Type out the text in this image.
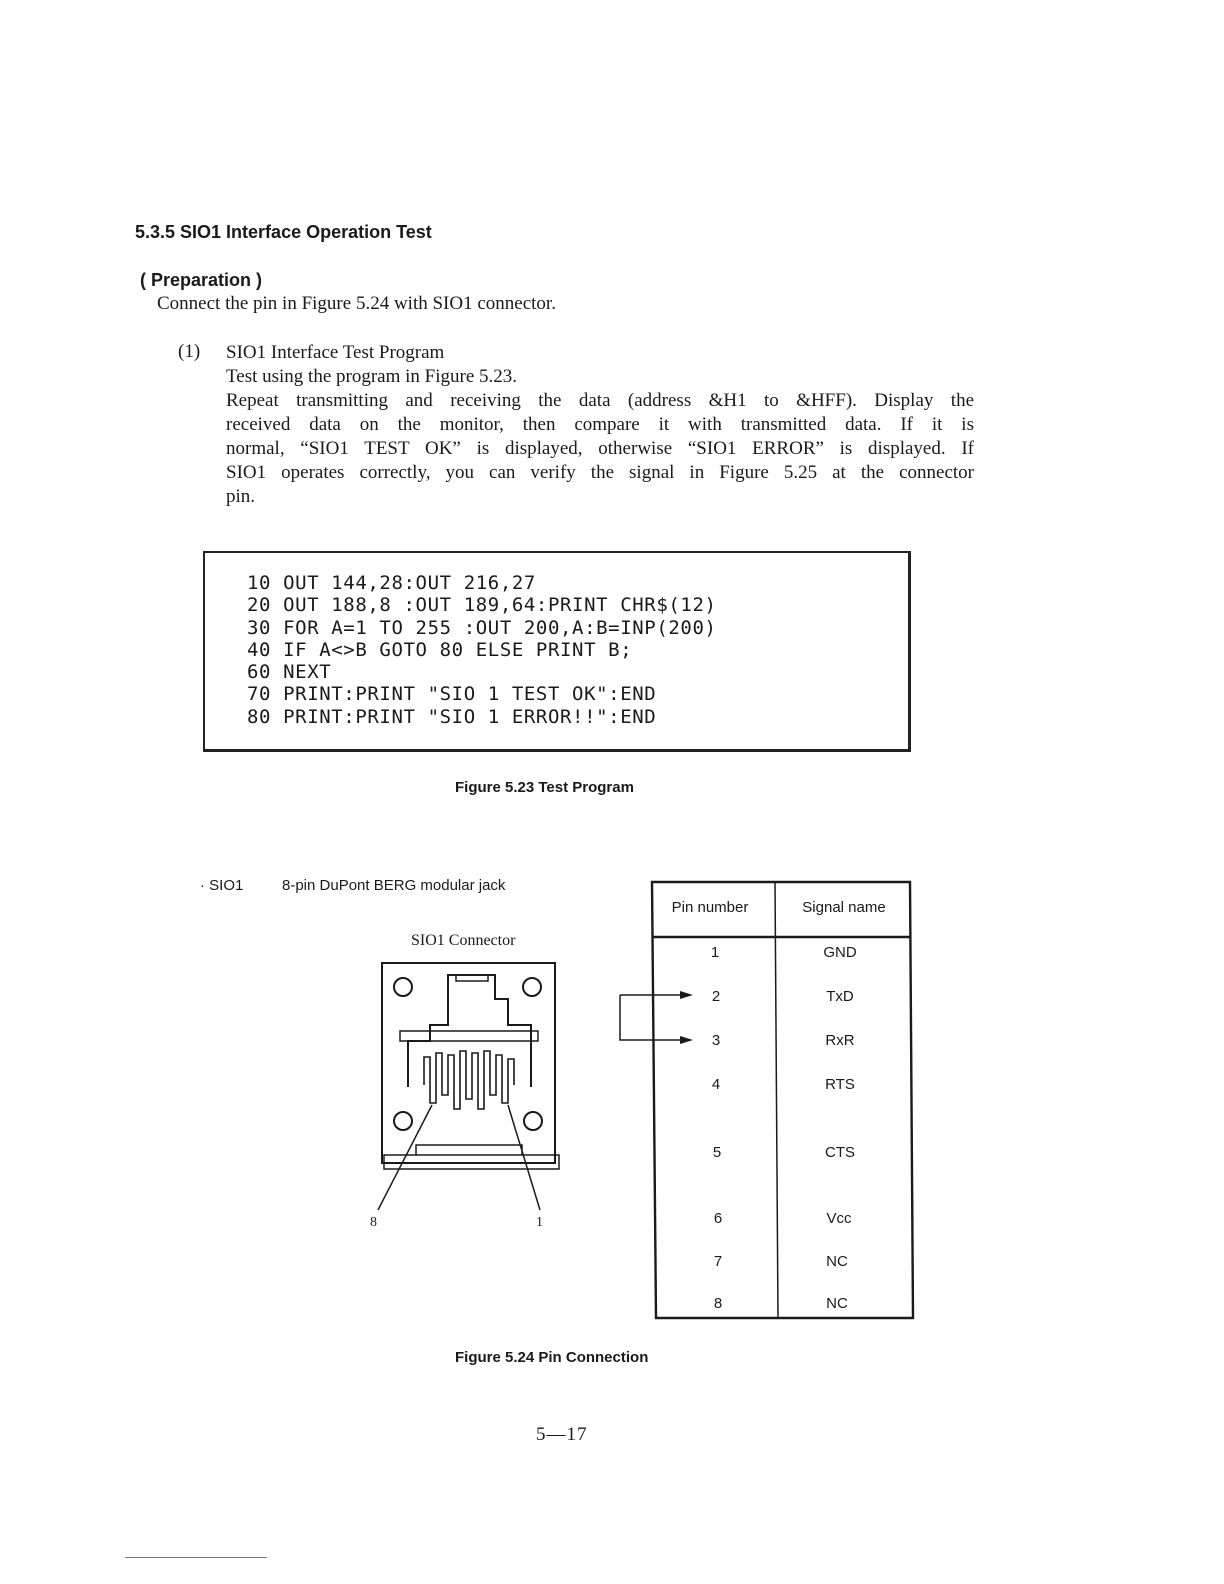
5.3.5 SIO1 Interface Operation Test
( Preparation )
Connect the pin in Figure 5.24 with SIO1 connector.
(1) SIO1 Interface Test Program
Test using the program in Figure 5.23.
Repeat transmitting and receiving the data (address &H1 to &HFF). Display the
received data on the monitor, then compare it with transmitted data. If it is
normal, “SIO1 TEST OK” is displayed, otherwise “SIO1 ERROR” is displayed. If
SIO1 operates correctly, you can verify the signal in Figure 5.25 at the connector
pin.
10 OUT 144,28:OUT 216,27
20 OUT 188,8 :OUT 189,64:PRINT CHR$(12)
30 FOR A=1 TO 255 :OUT 200,A:B=INP(200)
40 IF A<>B GOTO 80 ELSE PRINT B;
60 NEXT
70 PRINT:PRINT "SIO 1 TEST OK":END
80 PRINT:PRINT "SIO 1 ERROR!!":END
Figure 5.23 Test Program
· SIO1	8-pin DuPont BERG modular jack
SIO1 Connector
8	1
Pin number	Signal name
1	GND
2	TxD
3	RxR
4	RTS
5	CTS
6	Vcc
7	NC
8	NC
Figure 5.24 Pin Connection
5—17
